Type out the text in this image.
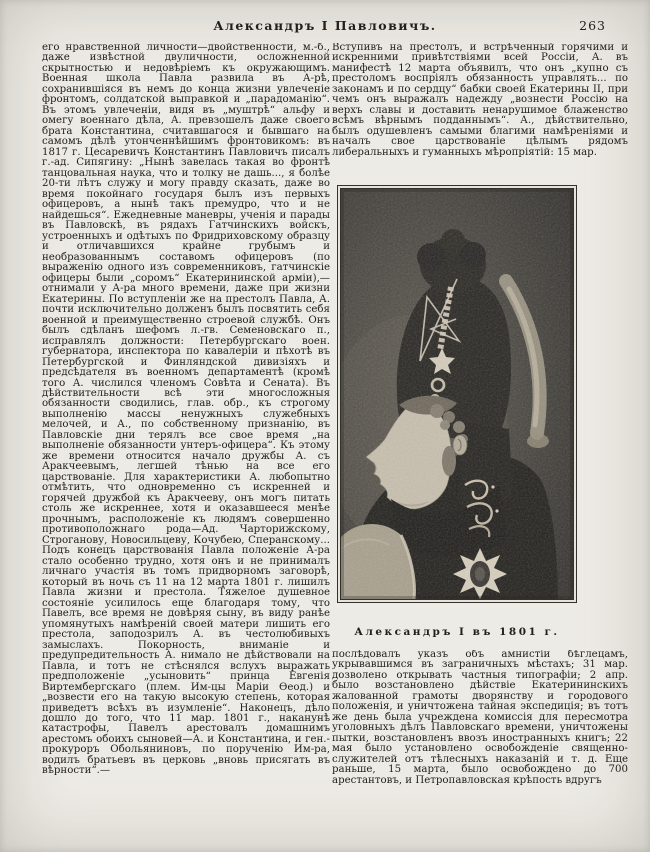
Александръ I Павловичъ.	263

его нравственной личности—двойственности, м.-б., даже извѣстной двуличности, осложненной скрытностью и недовѣріемъ къ окружающимъ. Военная школа Павла развила въ А-рѣ, сохранившіяся въ немъ до конца жизни увлеченіе фронтомъ, солдатской выправкой и „парадоманію“. Въ этомъ увлеченіи, видя въ „муштрѣ“ альфу и омегу военнаго дѣла, А. превзошелъ даже своего брата Константина, считавшагося и бывшаго на самомъ дѣлѣ утонченнѣйшимъ фронтовикомъ: въ 1817 г. Цесаревичъ Константинъ Павловичъ писалъ г.-ад. Сипягину: „Нынѣ завелась такая во фронтѣ танцовальная наука, что и толку не дашь..., я болѣе 20-ти лѣтъ служу и могу правду сказать, даже во время покойнаго государя былъ изъ первыхъ офицеровъ, а нынѣ такъ премудро, что и не найдешься“. Ежедневные маневры, ученія и парады въ Павловскѣ, въ рядахъ Гатчинскихъ войскъ, устроенныхъ и одѣтыхъ по Фридриховскому образцу и отличавшихся крайне грубымъ и необразованнымъ составомъ офицеровъ (по выраженію одного изъ современниковъ, гатчинскіе офицеры были „соромъ“ Екатерининской арміи),—отнимали у А-ра много времени, даже при жизни Екатерины. По вступленіи же на престолъ Павла, А. почти исключительно долженъ былъ посвятить себя военной и преимущественно строевой службѣ. Онъ былъ сдѣланъ шефомъ л.-гв. Семеновскаго п., исправлялъ должности: Петербургскаго воен. губернатора, инспектора по кавалеріи и пѣхотѣ въ Петербургской и Финляндской дивизіяхъ и предсѣдателя въ военномъ департаментѣ (кромѣ того А. числился членомъ Совѣта и Сената). Въ дѣйствительности всѣ эти многосложныя обязанности сводились, глав. обр., къ строгому выполненію массы ненужныхъ служебныхъ мелочей, и А., по собственному признанію, въ Павловскіе дни терялъ все свое время „на выполненіе обязанности унтеръ-офицера“. Къ этому же времени относится начало дружбы А. съ Аракчеевымъ, легшей тѣнью на все его царствованіе. Для характеристики А. любопытно отмѣтить, что одновременно съ искренней и горячей дружбой къ Аракчееву, онъ могъ питать столь же искреннее, хотя и оказавшееся менѣе прочнымъ, расположеніе къ людямъ совершенно противоположнаго рода—Ад. Чарторижскому, Строганову, Новосильцеву, Кочубею, Сперанскому... Подъ конецъ царствованія Павла положеніе А-ра стало особенно трудно, хотя онъ и не принималъ личнаго участія въ томъ придворномъ заговорѣ, который въ ночь съ 11 на 12 марта 1801 г. лишилъ Павла жизни и престола. Тяжелое душевное состояніе усилилось еще благодаря тому, что Павелъ, все время не довѣряя сыну, въ виду ранѣе упомянутыхъ намѣреній своей матери лишить его престола, заподозрилъ А. въ честолюбивыхъ замыслахъ. Покорность, вниманіе и предупредительность А. нимало не дѣйствовали на Павла, и тотъ не стѣснялся вслухъ выражать предположеніе „усыновить“ принца Евгенія Виртембергскаго (плем. Им-цы Маріи Ѳеод.) и „возвести его на такую высокую степень, которая приведетъ всѣхъ въ изумленіе“. Наконецъ, дѣло дошло до того, что 11 мар. 1801 г., наканунѣ катастрофы, Павелъ арестовалъ домашнимъ арестомъ обоихъ сыновей—А. и Константина, и ген.-прокуроръ Обольяниновъ, по порученію Им-ра, водилъ братьевъ въ церковь „вновь присягать въ вѣрности“.—

Вступивъ на престолъ, и встрѣченный горячими и искренними привѣтствіями всей Россіи, А. въ манифестѣ 12 марта объявилъ, что онъ „купно съ престоломъ воспріялъ обязанность управлять... по законамъ и по сердцу“ бабки своей Екатерины II, при чемъ онъ выражалъ надежду „вознести Россію на верхъ славы и доставить ненарушимое блаженство всѣмъ вѣрнымъ подданнымъ“. А., дѣйствительно, былъ одушевленъ самыми благими намѣреніями и началъ свое царствованіе цѣлымъ рядомъ либеральныхъ и гуманныхъ мѣропріятій: 15 мар.

Александръ I въ 1801 г.

послѣдовалъ указъ объ амнистіи бѣглецамъ, укрывавшимся въ заграничныхъ мѣстахъ; 31 мар. дозволено открывать частныя типографіи; 2 апр. было возстановлено дѣйствіе Екатерининскихъ жалованной грамоты дворянству и городового положенія, и уничтожена тайная экспедиція; въ тотъ же день была учреждена комиссія для пересмотра уголовныхъ дѣлъ Павловскаго времени, уничтожены пытки, возстановленъ ввозъ иностранныхъ книгъ; 22 мая было установлено освобожденіе священно-служителей отъ тѣлесныхъ наказаній и т. д. Еще раньше, 15 марта, было освобождено до 700 арестантовъ, и Петропавловская крѣпость вдругъ
